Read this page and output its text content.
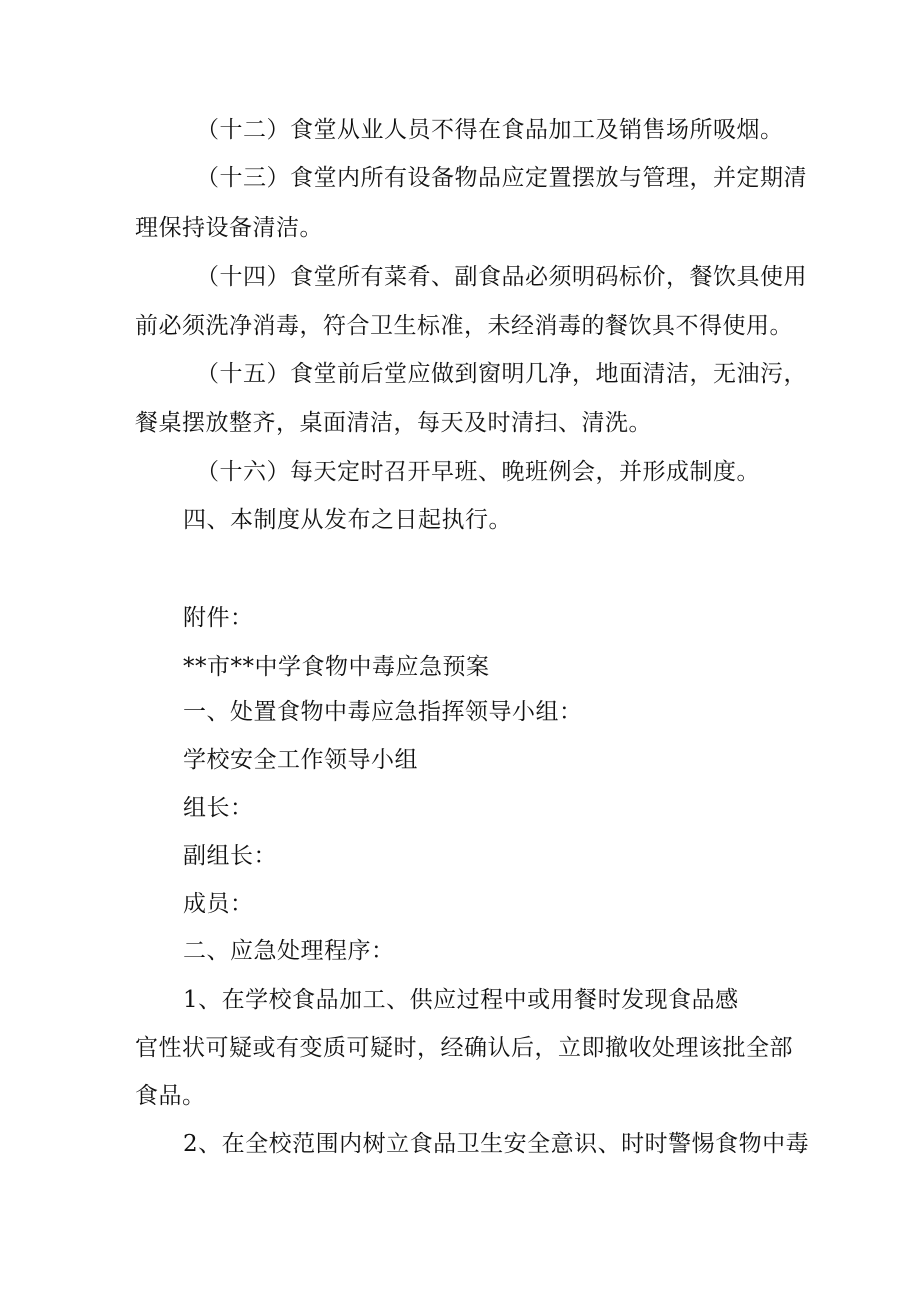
（十二）食堂从业人员不得在食品加工及销售场所吸烟。
（十三）食堂内所有设备物品应定置摆放与管理，并定期清
理保持设备清洁。
（十四）食堂所有菜肴、副食品必须明码标价，餐饮具使用
前必须洗净消毒，符合卫生标准，未经消毒的餐饮具不得使用。
（十五）食堂前后堂应做到窗明几净，地面清洁，无油污，
餐桌摆放整齐，桌面清洁，每天及时清扫、清洗。
（十六）每天定时召开早班、晚班例会，并形成制度。
四、本制度从发布之日起执行。
附件：
**市**中学食物中毒应急预案
一、处置食物中毒应急指挥领导小组：
学校安全工作领导小组
组长：
副组长：
成员：
二、应急处理程序：
1、在学校食品加工、供应过程中或用餐时发现食品感
官性状可疑或有变质可疑时，经确认后，立即撤收处理该批全部
食品。
2、在全校范围内树立食品卫生安全意识、时时警惕食物中毒
